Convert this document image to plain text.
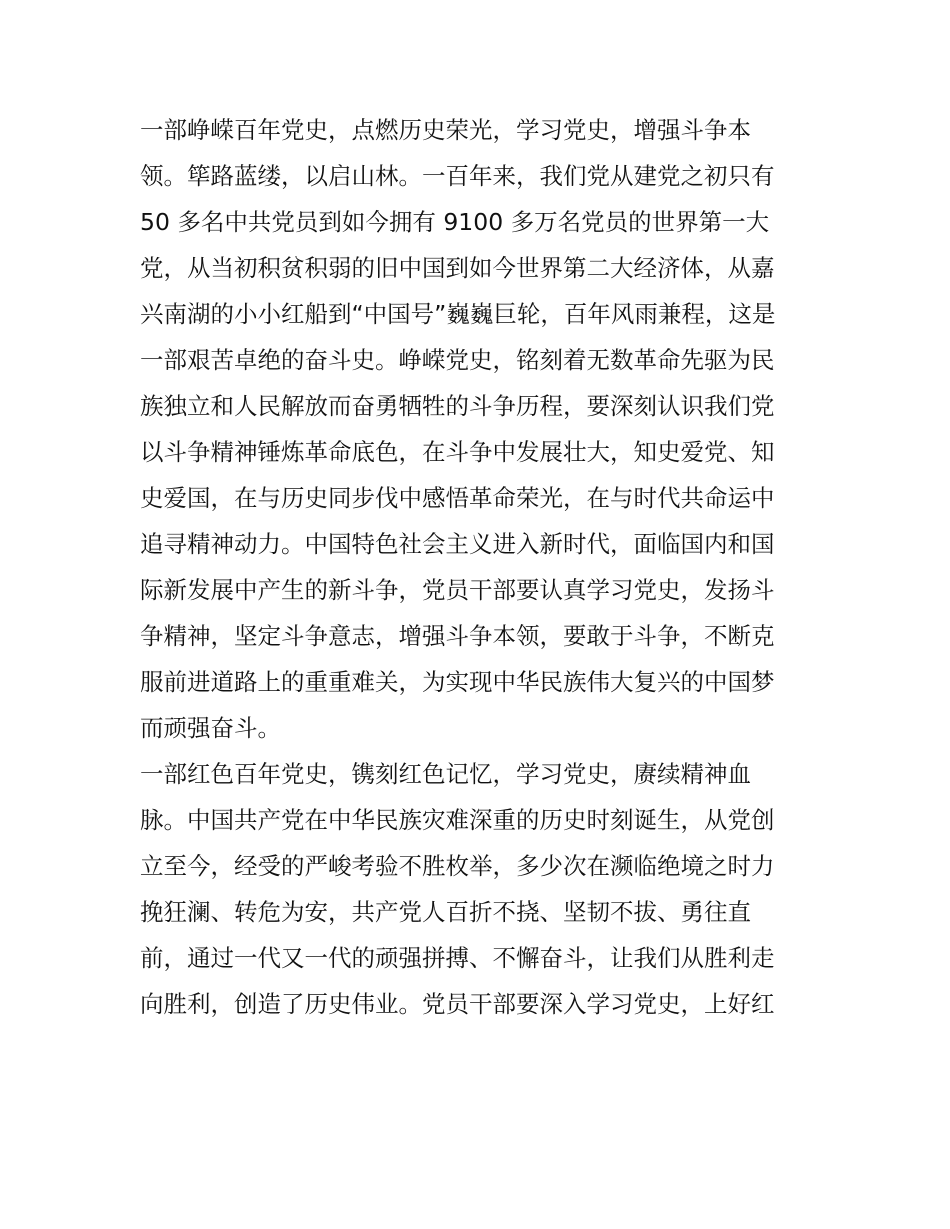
一部峥嵘百年党史，点燃历史荣光，学习党史，增强斗争本
领。筚路蓝缕，以启山林。一百年来，我们党从建党之初只有
50 多名中共党员到如今拥有 9100 多万名党员的世界第一大
党，从当初积贫积弱的旧中国到如今世界第二大经济体，从嘉
兴南湖的小小红船到“中国号”巍巍巨轮，百年风雨兼程，这是
一部艰苦卓绝的奋斗史。峥嵘党史，铭刻着无数革命先驱为民
族独立和人民解放而奋勇牺牲的斗争历程，要深刻认识我们党
以斗争精神锤炼革命底色，在斗争中发展壮大，知史爱党、知
史爱国，在与历史同步伐中感悟革命荣光，在与时代共命运中
追寻精神动力。中国特色社会主义进入新时代，面临国内和国
际新发展中产生的新斗争，党员干部要认真学习党史，发扬斗
争精神，坚定斗争意志，增强斗争本领，要敢于斗争，不断克
服前进道路上的重重难关，为实现中华民族伟大复兴的中国梦
而顽强奋斗。
一部红色百年党史，镌刻红色记忆，学习党史，赓续精神血
脉。中国共产党在中华民族灾难深重的历史时刻诞生，从党创
立至今，经受的严峻考验不胜枚举，多少次在濒临绝境之时力
挽狂澜、转危为安，共产党人百折不挠、坚韧不拔、勇往直
前，通过一代又一代的顽强拼搏、不懈奋斗，让我们从胜利走
向胜利，创造了历史伟业。党员干部要深入学习党史，上好红
